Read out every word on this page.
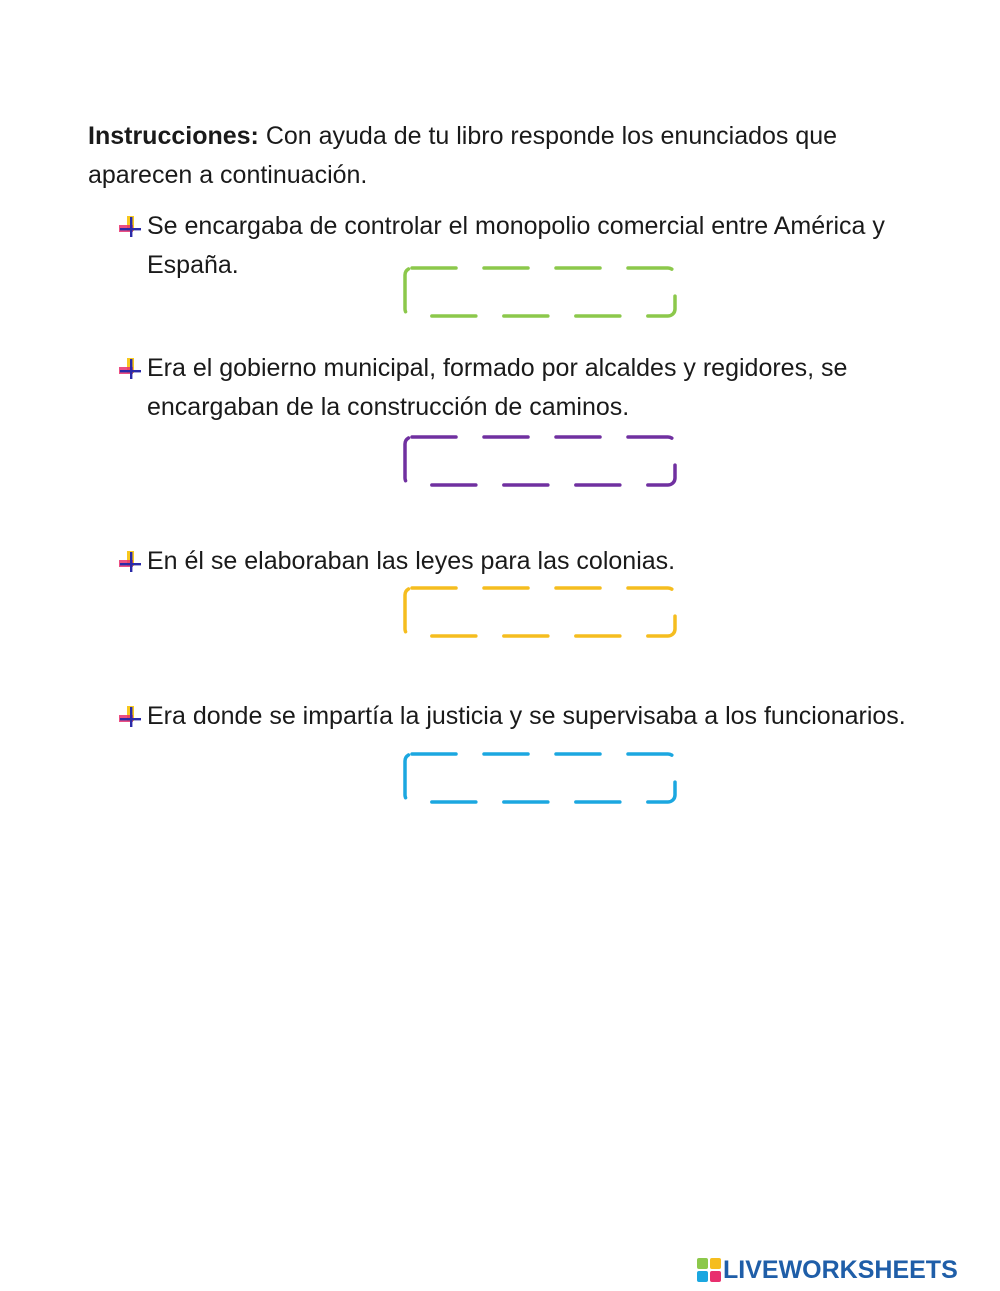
Instrucciones: Con ayuda de tu libro responde los enunciados que aparecen a continuación.
Se encargaba de controlar el monopolio comercial entre América y España.
Era el gobierno municipal, formado por alcaldes y regidores, se encargaban de la construcción de caminos.
En él se elaboraban las leyes para las colonias.
Era donde se impartía la justicia y se supervisaba a los funcionarios.
LIVEWORKSHEETS
